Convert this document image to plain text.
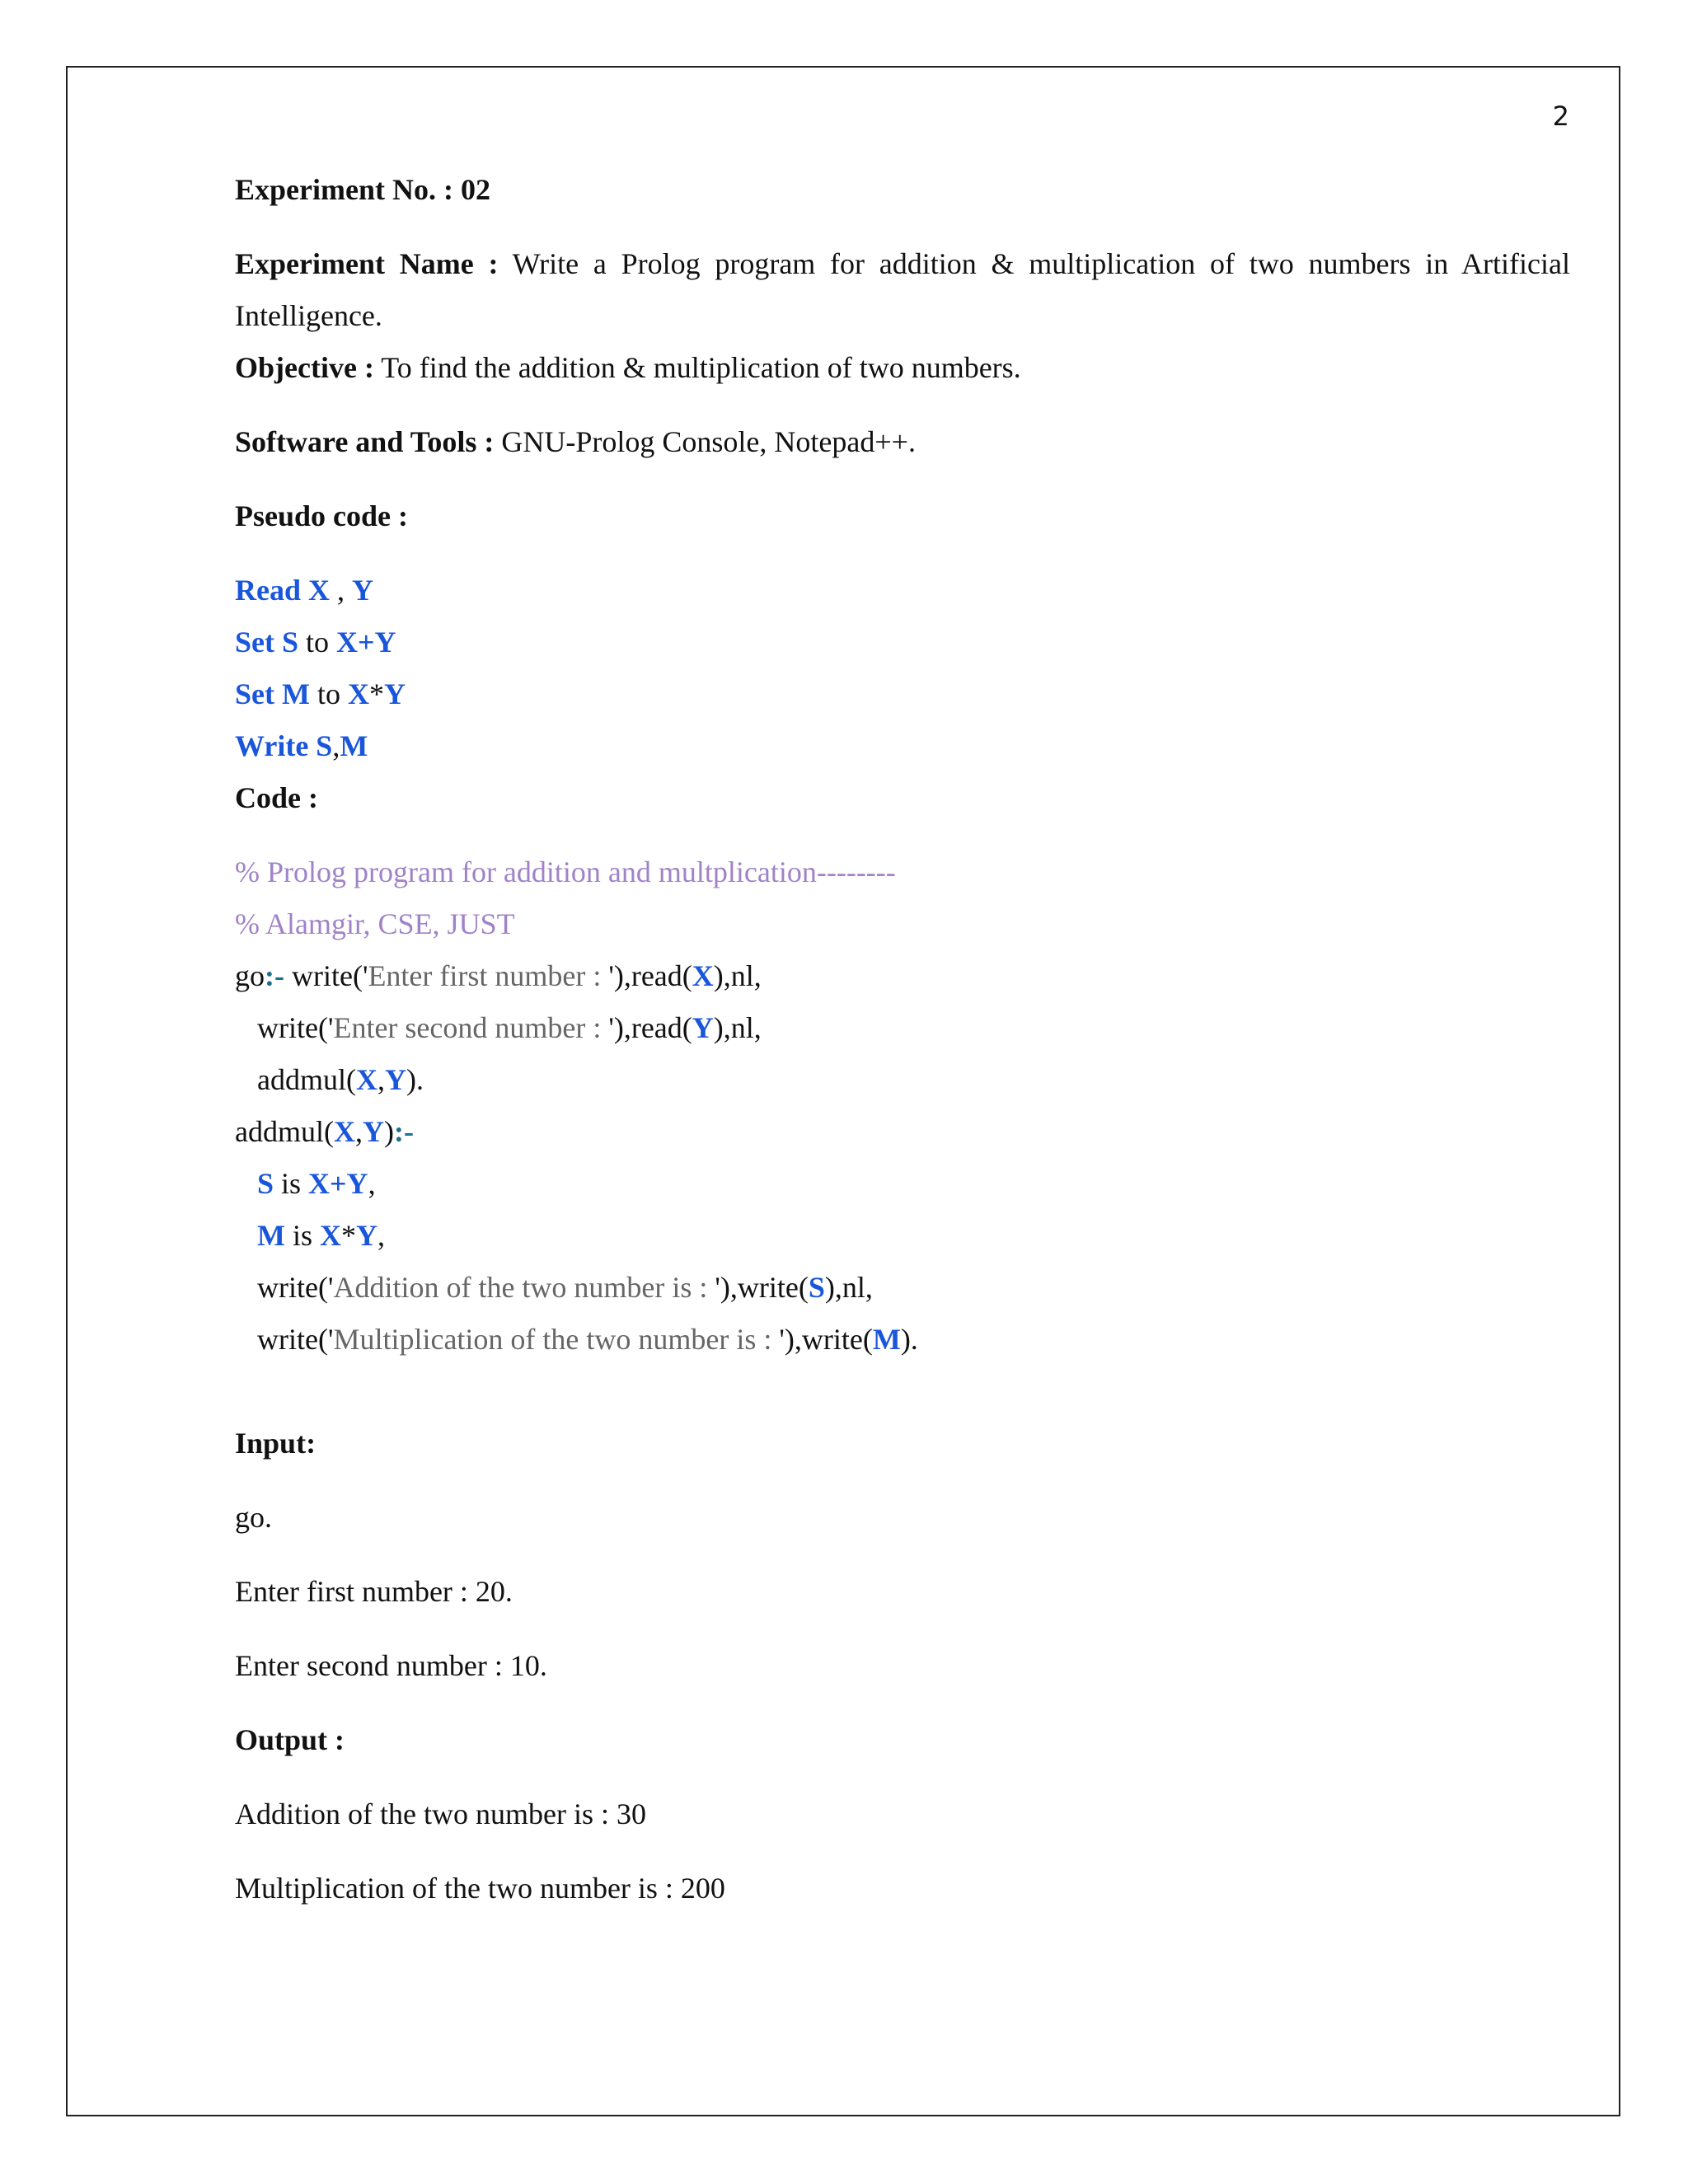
2
Experiment No. : 02
Experiment Name : Write a Prolog program for addition & multiplication of two numbers in Artificial
Intelligence.
Objective : To find the addition & multiplication of two numbers.
Software and Tools : GNU-Prolog Console, Notepad++.
Pseudo code :
Read X , Y
Set S to X+Y
Set M to X*Y
Write S,M
Code :
% Prolog program for addition and multplication--------
% Alamgir, CSE, JUST
go:- write('Enter first number : '),read(X),nl,
write('Enter second number : '),read(Y),nl,
addmul(X,Y).
addmul(X,Y):-
S is X+Y,
M is X*Y,
write('Addition of the two number is : '),write(S),nl,
write('Multiplication of the two number is : '),write(M).
Input:
go.
Enter first number : 20.
Enter second number : 10.
Output :
Addition of the two number is : 30
Multiplication of the two number is : 200
